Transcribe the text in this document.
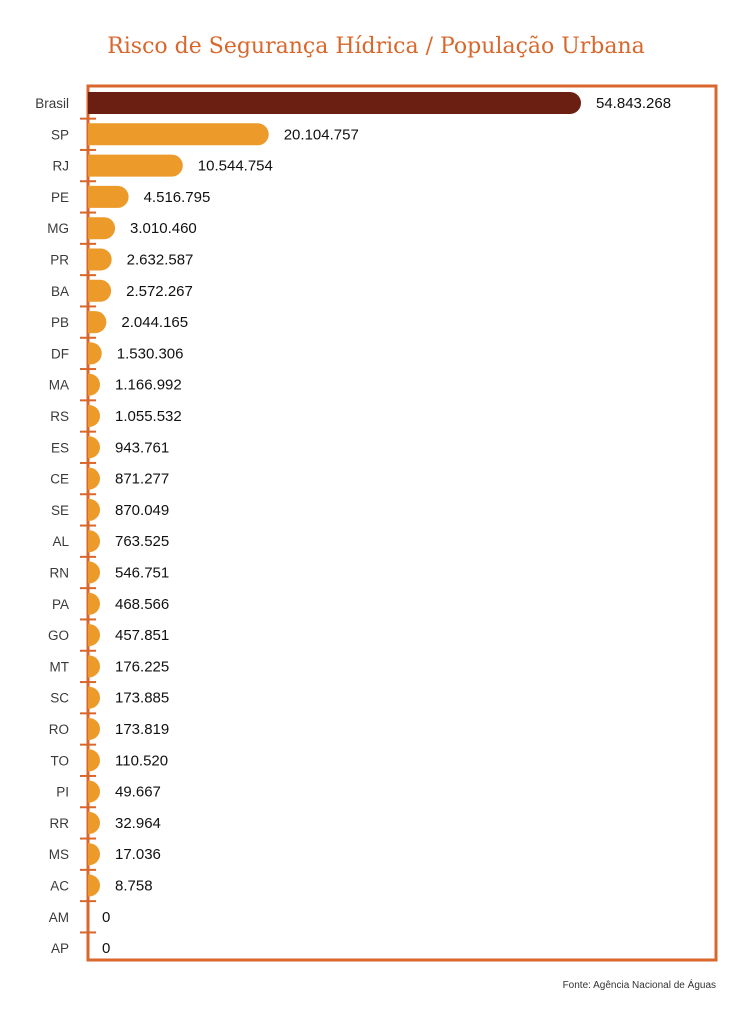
Risco de Segurança Hídrica / População Urbana
Brasil
SP
RJ
PE
MG
PR
BA
PB
DF
MA
RS
ES
CE
SE
AL
RN
PA
GO
MT
SC
RO
TO
PI
RR
MS
AC
AM
AP
54.843.268
20.104.757
10.544.754
4.516.795
3.010.460
2.632.587
2.572.267
2.044.165
1.530.306
1.166.992
1.055.532
943.761
871.277
870.049
763.525
546.751
468.566
457.851
176.225
173.885
173.819
110.520
49.667
32.964
17.036
8.758
0
0
Fonte: Agência Nacional de Águas
